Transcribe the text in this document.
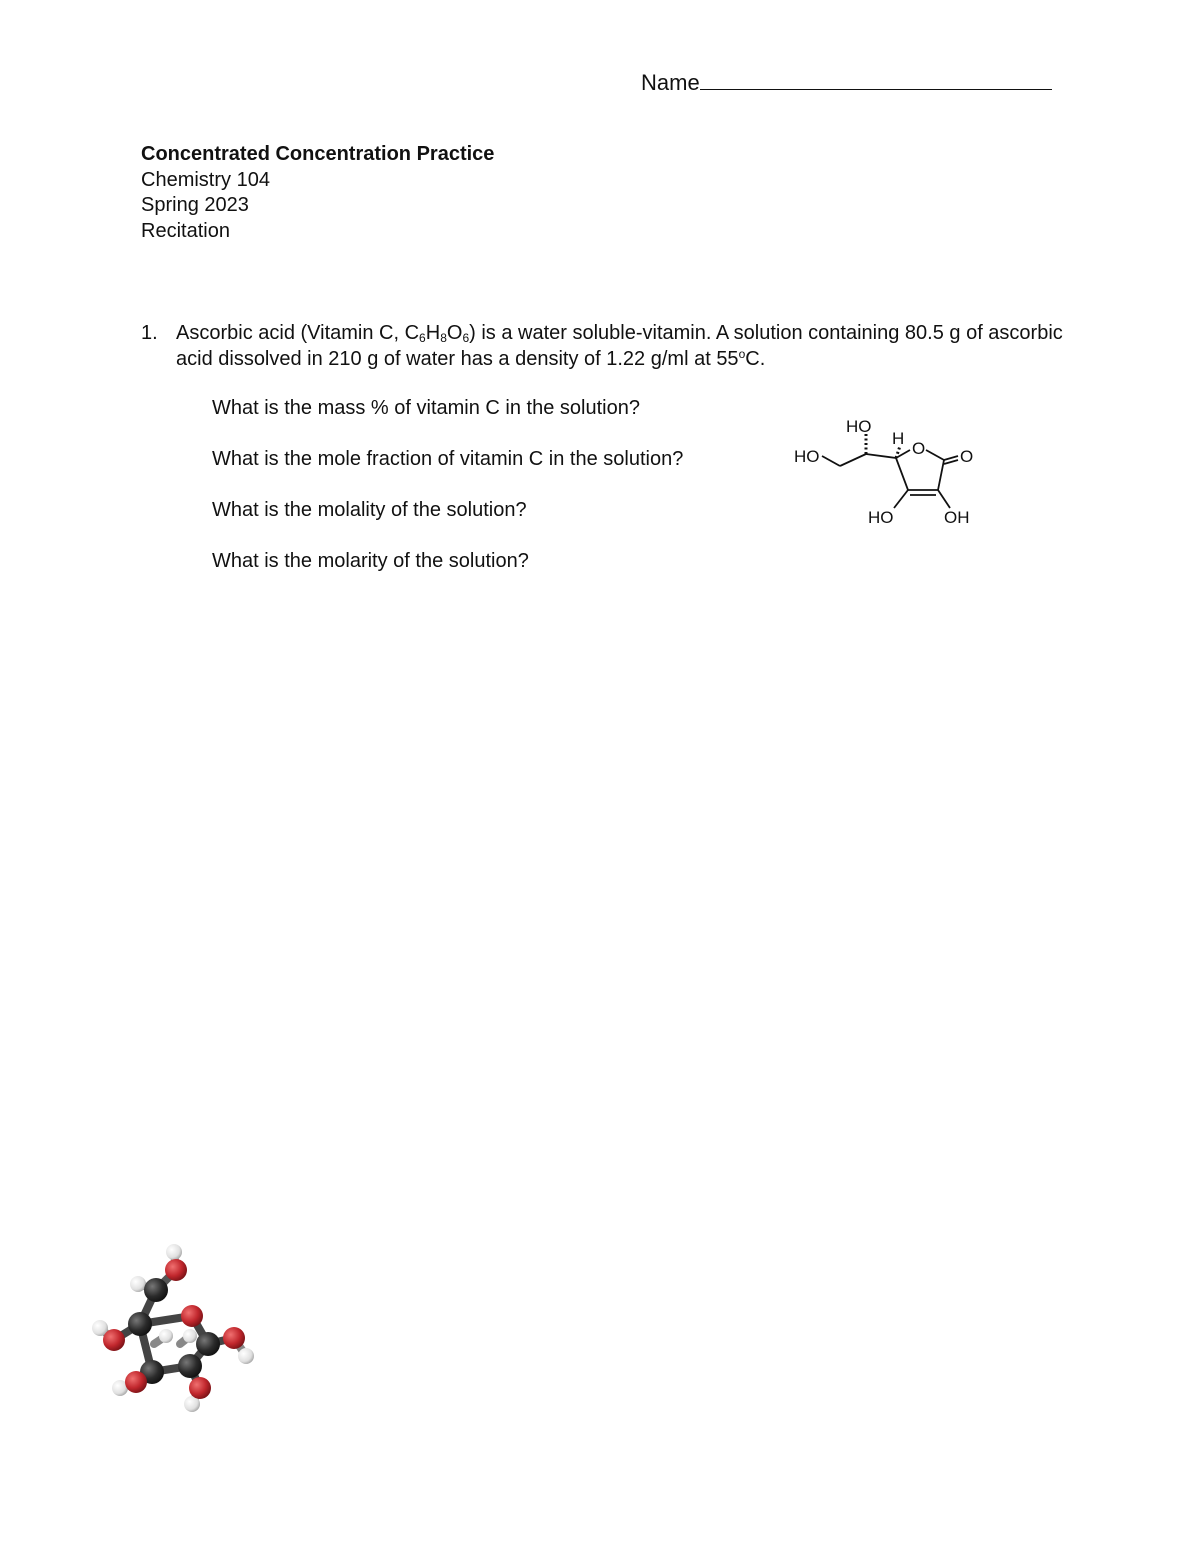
Name
Concentrated Concentration Practice
Chemistry 104
Spring 2023
Recitation
1. Ascorbic acid (Vitamin C, $C_6H_8O_6$) is a water soluble-vitamin. A solution containing 80.5 g of ascorbic acid dissolved in 210 g of water has a density of 1.22 g/ml at 55$^o$C.
What is the mass % of vitamin C in the solution?
What is the mole fraction of vitamin C in the solution?
What is the molality of the solution?
What is the molarity of the solution?
HO
H
O
HO	O
HO	OH
